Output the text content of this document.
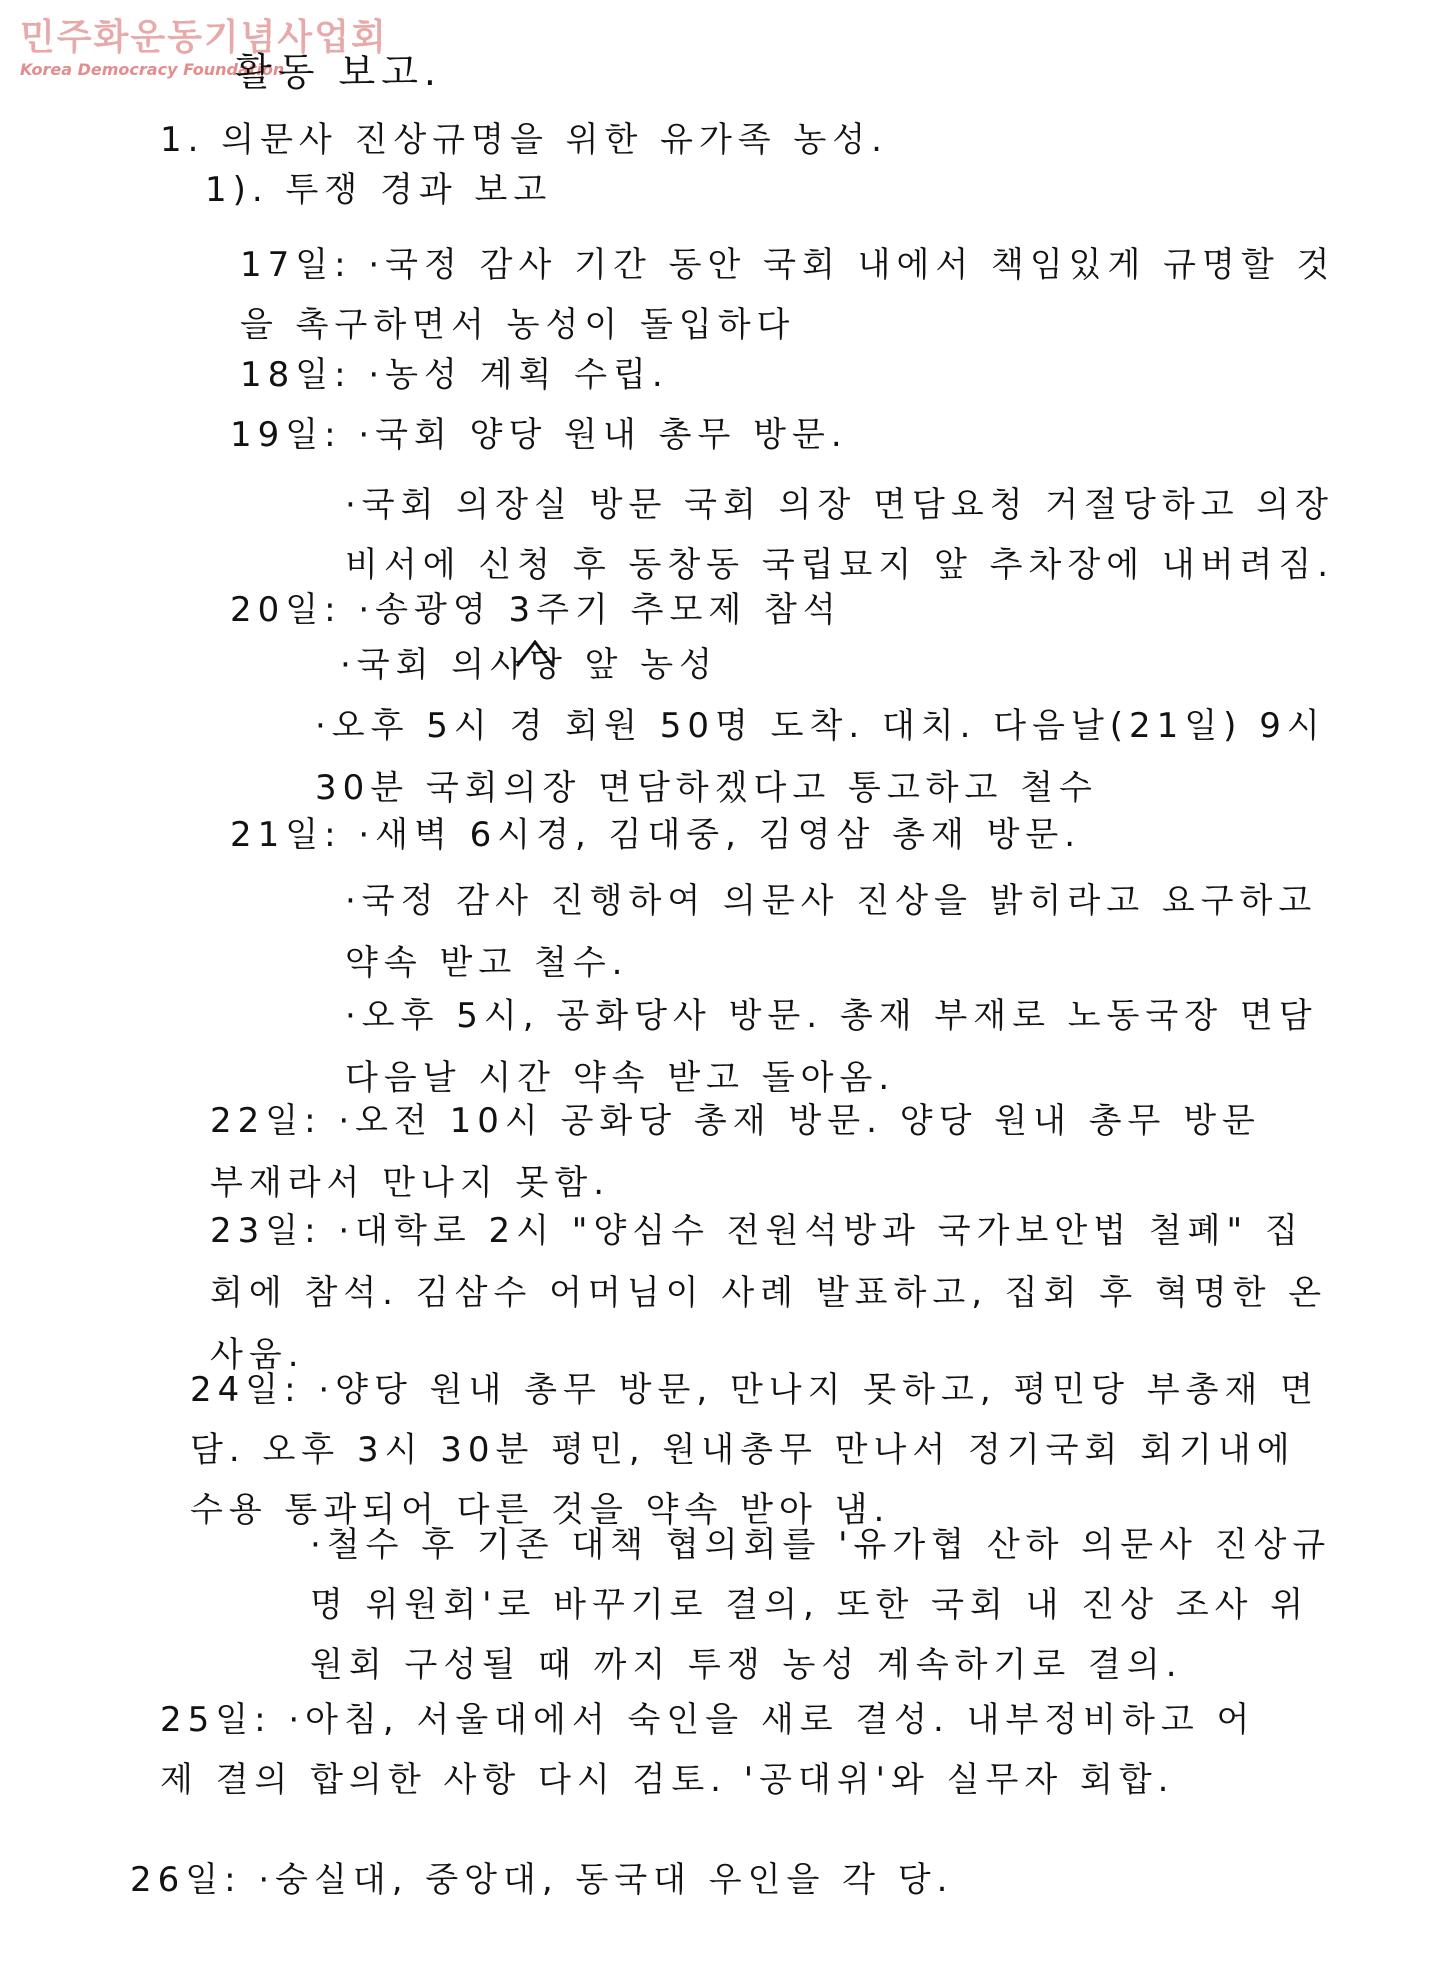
민주화운동기념사업회
Korea Democracy Foundation
활동 보고.
1. 의문사 진상규명을 위한 유가족 농성.
1). 투쟁 경과 보고
17일: ·국정 감사 기간 동안 국회 내에서 책임있게 규명할 것을 촉구하면서 농성이 돌입하다
18일: ·농성 계획 수립.
19일: ·국회 양당 원내 총무 방문.
·국회 의장실 방문 국회 의장 면담요청 거절당하고 의장비서에 신청 후 동창동 국립묘지 앞 추차장에 내버려짐.
20일: ·송광영 3주기 추모제 참석
·국회 의사당 앞 농성
·오후 5시 경 회원 50명 도착. 대치. 다음날(21일) 9시 30분 국회의장 면담하겠다고 통고하고 철수
21일: ·새벽 6시경, 김대중, 김영삼 총재 방문.
·국정 감사 진행하여 의문사 진상을 밝히라고 요구하고 약속 받고 철수.
·오후 5시, 공화당사 방문. 총재 부재로 노동국장 면담 다음날 시간 약속 받고 돌아옴.
22일: ·오전 10시 공화당 총재 방문. 양당 원내 총무 방문 부재라서 만나지 못함.
23일: ·대학로 2시 "양심수 전원석방과 국가보안법 철폐" 집회에 참석. 김삼수 어머님이 사례 발표하고, 집회 후 혁명한 온사움.
24일: ·양당 원내 총무 방문, 만나지 못하고, 평민당 부총재 면담. 오후 3시 30분 평민, 원내총무 만나서 정기국회 회기내에 수용 통과되어 다른 것을 약속 받아 냄.
·철수 후 기존 대책 협의회를 '유가협 산하 의문사 진상규명 위원회'로 바꾸기로 결의, 또한 국회 내 진상 조사 위원회 구성될 때 까지 투쟁 농성 계속하기로 결의.
25일: ·아침, 서울대에서 숙인을 새로 결성. 내부정비하고 어제 결의 합의한 사항 다시 검토. '공대위'와 실무자 회합.
26일: ·숭실대, 중앙대, 동국대 우인을 각 당.
